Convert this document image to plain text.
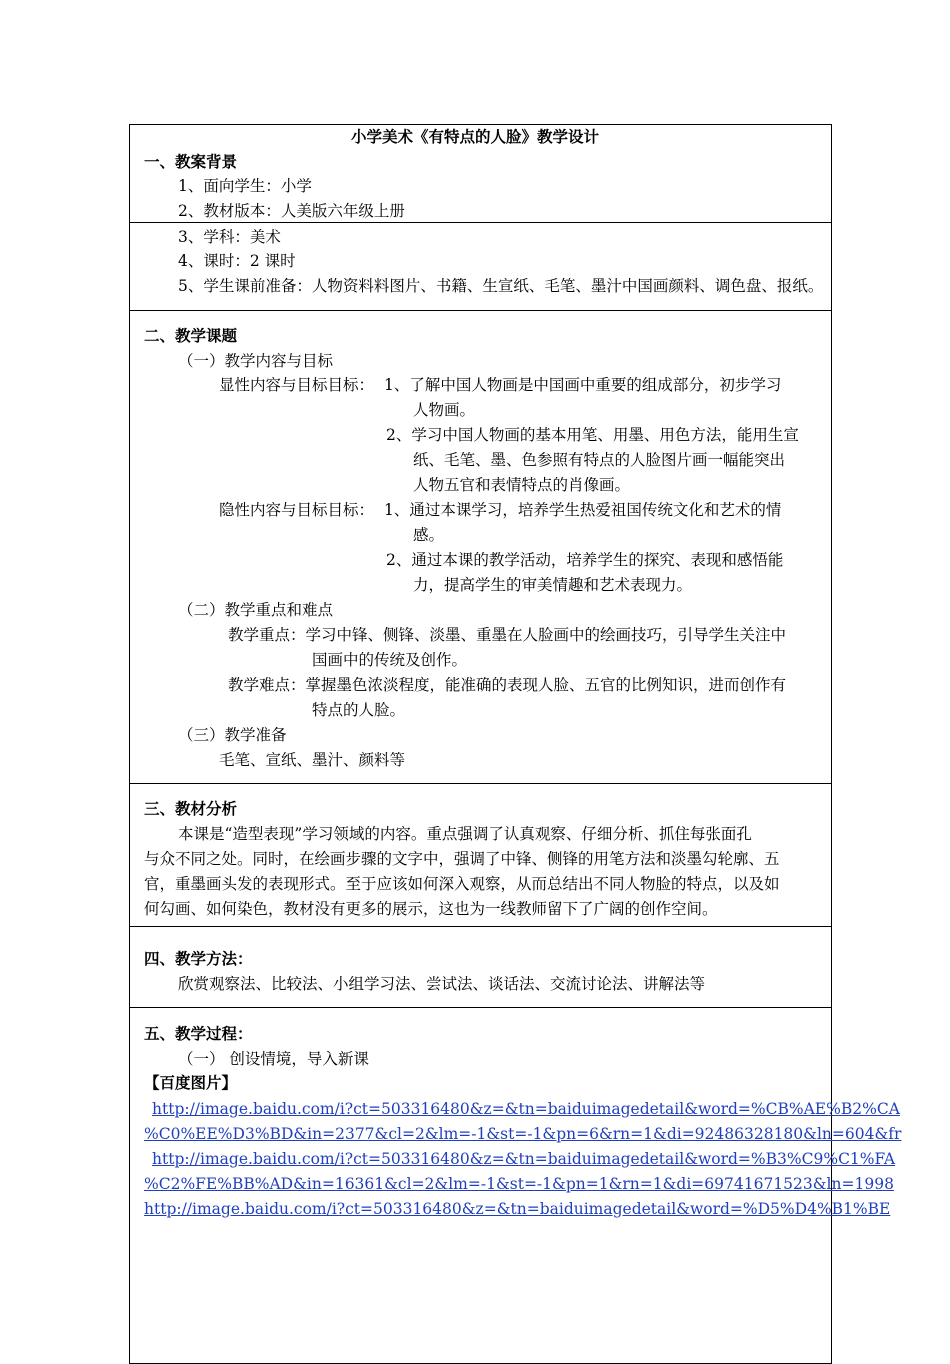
小学美术《有特点的人脸》教学设计
一、教案背景
1、面向学生：小学
2、教材版本：人美版六年级上册
3、学科：美术
4、课时：2 课时
5、学生课前准备：人物资料料图片、书籍、生宣纸、毛笔、墨汁中国画颜料、调色盘、报纸。
二、教学课题
（一）教学内容与目标
显性内容与目标目标： 1、了解中国人物画是中国画中重要的组成部分，初步学习
人物画。
2、学习中国人物画的基本用笔、用墨、用色方法，能用生宣
纸、毛笔、墨、色参照有特点的人脸图片画一幅能突出
人物五官和表情特点的肖像画。
隐性内容与目标目标： 1、通过本课学习，培养学生热爱祖国传统文化和艺术的情
感。
2、通过本课的教学活动，培养学生的探究、表现和感悟能
力，提高学生的审美情趣和艺术表现力。
（二）教学重点和难点
教学重点：学习中锋、侧锋、淡墨、重墨在人脸画中的绘画技巧，引导学生关注中
国画中的传统及创作。
教学难点：掌握墨色浓淡程度，能准确的表现人脸、五官的比例知识，进而创作有
特点的人脸。
（三）教学准备
毛笔、宣纸、墨汁、颜料等
三、教材分析
本课是“造型表现”学习领域的内容。重点强调了认真观察、仔细分析、抓住每张面孔
与众不同之处。同时，在绘画步骤的文字中，强调了中锋、侧锋的用笔方法和淡墨勾轮廓、五
官，重墨画头发的表现形式。至于应该如何深入观察，从而总结出不同人物脸的特点，以及如
何勾画、如何染色，教材没有更多的展示，这也为一线教师留下了广阔的创作空间。
四、教学方法：
欣赏观察法、比较法、小组学习法、尝试法、谈话法、交流讨论法、讲解法等
五、教学过程：
（一） 创设情境，导入新课
【百度图片】
http://image.baidu.com/i?ct=503316480&z=&tn=baiduimagedetail&word=%CB%AE%B2%CA
%C0%EE%D3%BD&in=2377&cl=2&lm=-1&st=-1&pn=6&rn=1&di=92486328180&ln=604&fr
http://image.baidu.com/i?ct=503316480&z=&tn=baiduimagedetail&word=%B3%C9%C1%FA
%C2%FE%BB%AD&in=16361&cl=2&lm=-1&st=-1&pn=1&rn=1&di=69741671523&ln=1998
http://image.baidu.com/i?ct=503316480&z=&tn=baiduimagedetail&word=%D5%D4%B1%BE
